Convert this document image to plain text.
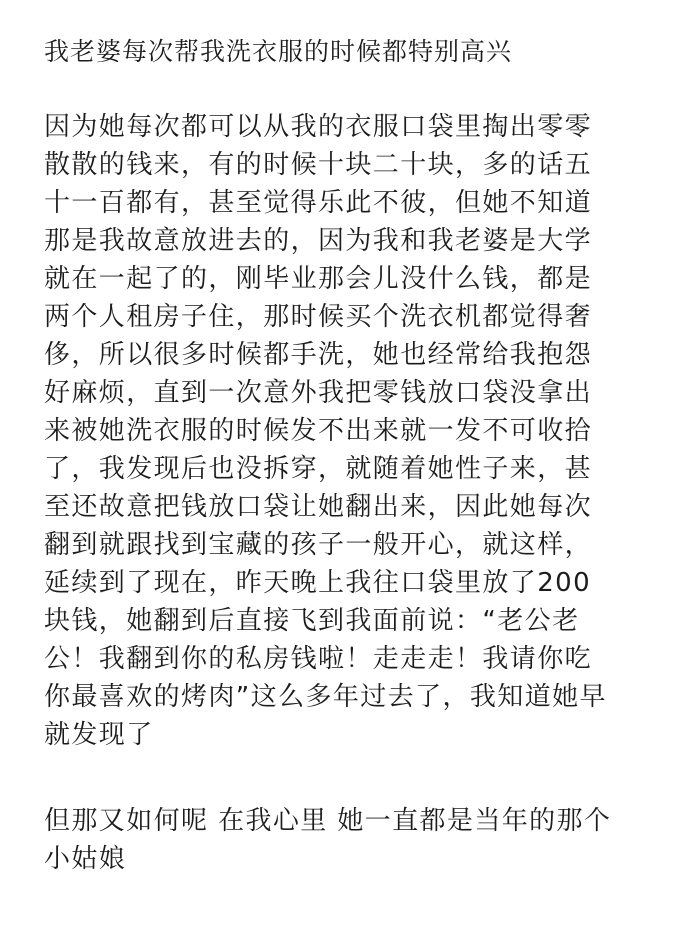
我老婆每次帮我洗衣服的时候都特别高兴
因为她每次都可以从我的衣服口袋里掏出零零
散散的钱来，有的时候十块二十块，多的话五
十一百都有，甚至觉得乐此不彼，但她不知道
那是我故意放进去的，因为我和我老婆是大学
就在一起了的，刚毕业那会儿没什么钱，都是
两个人租房子住，那时候买个洗衣机都觉得奢
侈，所以很多时候都手洗，她也经常给我抱怨
好麻烦，直到一次意外我把零钱放口袋没拿出
来被她洗衣服的时候发不出来就一发不可收拾
了，我发现后也没拆穿，就随着她性子来，甚
至还故意把钱放口袋让她翻出来，因此她每次
翻到就跟找到宝藏的孩子一般开心，就这样，
延续到了现在，昨天晚上我往口袋里放了200
块钱，她翻到后直接飞到我面前说：“老公老
公！我翻到你的私房钱啦！走走走！我请你吃
你最喜欢的烤肉”这么多年过去了，我知道她早
就发现了
但那又如何呢 在我心里 她一直都是当年的那个
小姑娘
